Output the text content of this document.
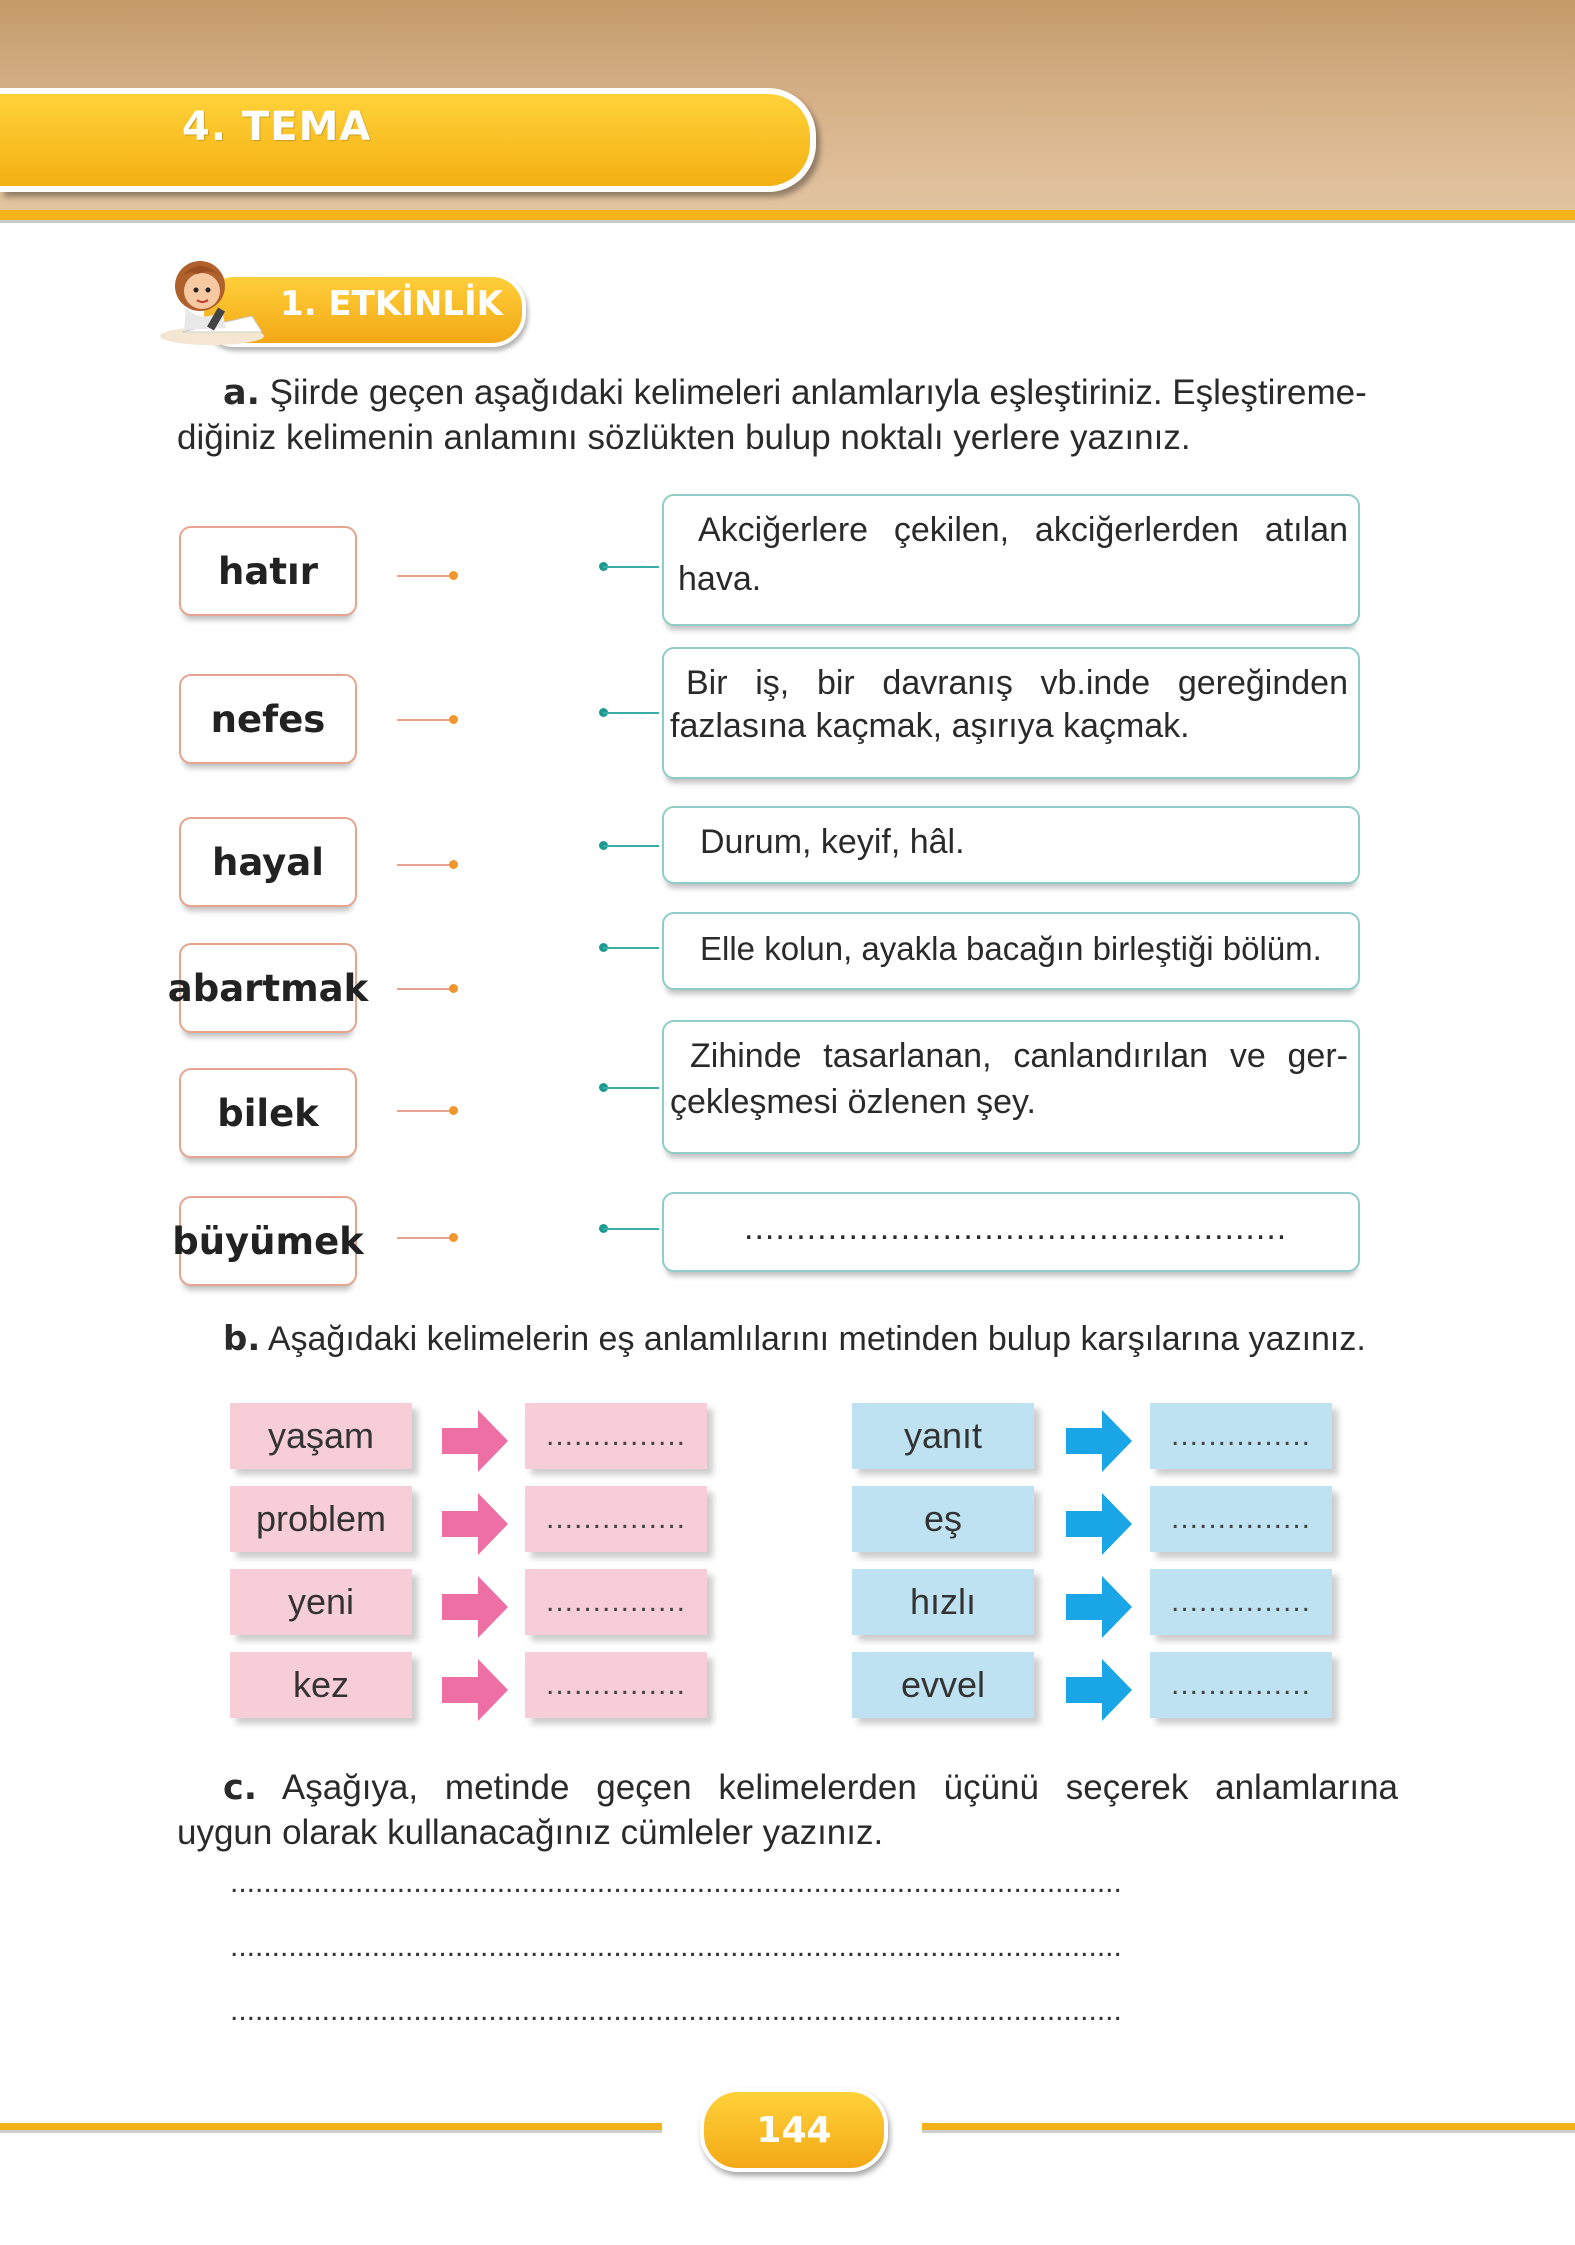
4. TEMA
1. ETKİNLİK
a. Şiirde geçen aşağıdaki kelimeleri anlamlarıyla eşleştiriniz. Eşleştireme-
diğiniz kelimenin anlamını sözlükten bulup noktalı yerlere yazınız.
hatır
nefes
hayal
abartmak
bilek
büyümek
Akciğerlere çekilen, akciğerlerden atılan
hava.
Bir iş, bir davranış vb.inde gereğinden
fazlasına kaçmak, aşırıya kaçmak.
Durum, keyif, hâl.
Elle kolun, ayakla bacağın birleştiği bölüm.
Zihinde tasarlanan, canlandırılan ve ger-
çekleşmesi özlenen şey.
....................................................
b. Aşağıdaki kelimelerin eş anlamlılarını metinden bulup karşılarına yazınız.
yaşam
problem
yeni
kez
...............
...............
...............
...............
yanıt
eş
hızlı
evvel
...............
...............
...............
...............
c. Aşağıya, metinde geçen kelimelerden üçünü seçerek anlamlarına
uygun olarak kullanacağınız cümleler yazınız.
...........................................................................................................
...........................................................................................................
...........................................................................................................
144
